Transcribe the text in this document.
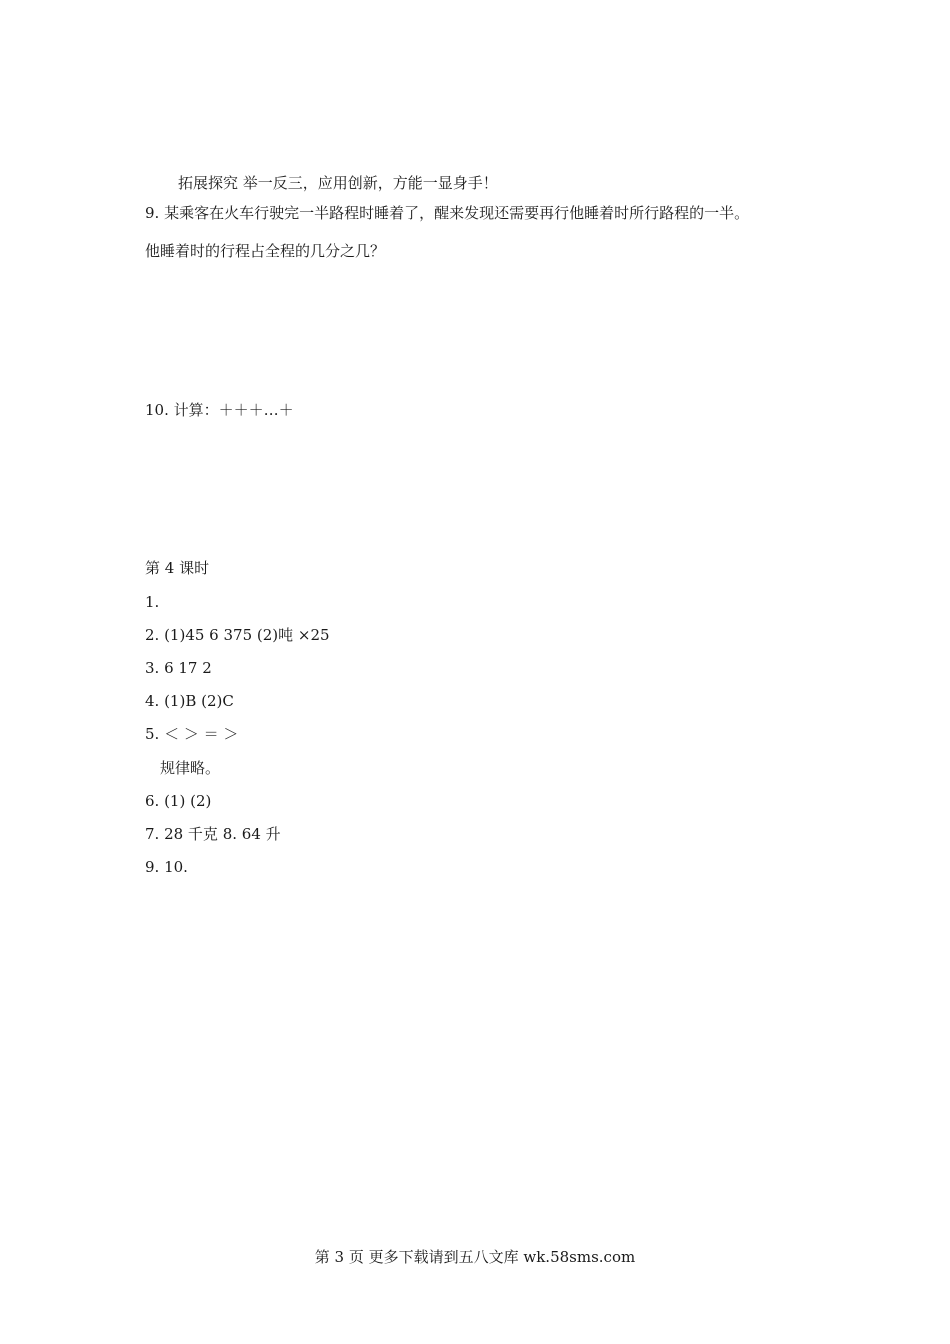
拓展探究 举一反三，应用创新，方能一显身手！
9. 某乘客在火车行驶完一半路程时睡着了，醒来发现还需要再行他睡着时所行路程的一半。
他睡着时的行程占全程的几分之几？
10. 计算：＋＋＋…＋
第 4 课时
1.
2. (1)45 6 375 (2)吨 ×25
3. 6 17 2
4. (1)B (2)C
5. ＜ ＞ ＝ ＞
规律略。
6. (1) (2)
7. 28 千克 8. 64 升
9. 10.
第 3 页 更多下载请到五八文库 wk.58sms.com
